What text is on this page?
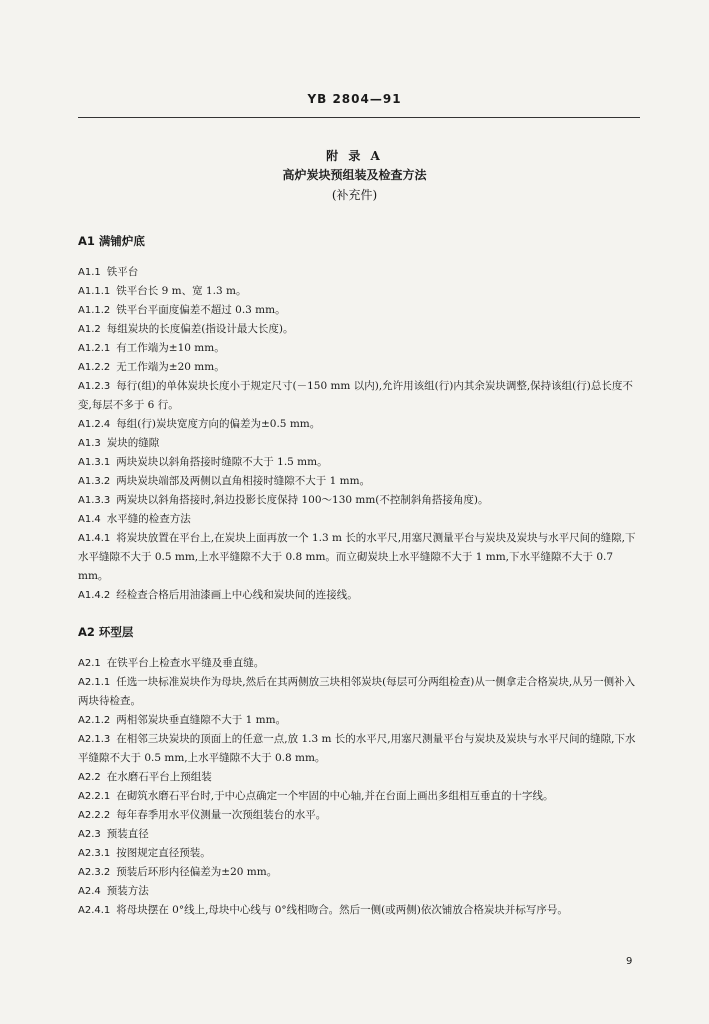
YB 2804—91
附 录 A
高炉炭块预组装及检查方法
(补充件)
A1 满铺炉底

A1.1 铁平台

A1.1.1 铁平台长 9 m、宽 1.3 m。

A1.1.2 铁平台平面度偏差不超过 0.3 mm。

A1.2 每组炭块的长度偏差(指设计最大长度)。

A1.2.1 有工作端为±10 mm。

A1.2.2 无工作端为±20 mm。

A1.2.3 每行(组)的单体炭块长度小于规定尺寸(－150 mm 以内),允许用该组(行)内其余炭块调整,保持该组(行)总长度不变,每层不多于 6 行。

A1.2.4 每组(行)炭块宽度方向的偏差为±0.5 mm。

A1.3 炭块的缝隙

A1.3.1 两块炭块以斜角搭接时缝隙不大于 1.5 mm。

A1.3.2 两块炭块端部及两侧以直角相接时缝隙不大于 1 mm。

A1.3.3 两炭块以斜角搭接时,斜边投影长度保持 100～130 mm(不控制斜角搭接角度)。

A1.4 水平缝的检查方法

A1.4.1 将炭块放置在平台上,在炭块上面再放一个 1.3 m 长的水平尺,用塞尺测量平台与炭块及炭块与水平尺间的缝隙,下水平缝隙不大于 0.5 mm,上水平缝隙不大于 0.8 mm。而立砌炭块上水平缝隙不大于 1 mm,下水平缝隙不大于 0.7 mm。

A1.4.2 经检查合格后用油漆画上中心线和炭块间的连接线。

A2 环型层

A2.1 在铁平台上检查水平缝及垂直缝。

A2.1.1 任选一块标准炭块作为母块,然后在其两侧放三块相邻炭块(每层可分两组检查)从一侧拿走合格炭块,从另一侧补入两块待检查。

A2.1.2 两相邻炭块垂直缝隙不大于 1 mm。

A2.1.3 在相邻三块炭块的顶面上的任意一点,放 1.3 m 长的水平尺,用塞尺测量平台与炭块及炭块与水平尺间的缝隙,下水平缝隙不大于 0.5 mm,上水平缝隙不大于 0.8 mm。

A2.2 在水磨石平台上预组装

A2.2.1 在砌筑水磨石平台时,于中心点确定一个牢固的中心轴,并在台面上画出多组相互垂直的十字线。

A2.2.2 每年春季用水平仪测量一次预组装台的水平。

A2.3 预装直径

A2.3.1 按图规定直径预装。

A2.3.2 预装后环形内径偏差为±20 mm。

A2.4 预装方法

A2.4.1 将母块摆在 0°线上,母块中心线与 0°线相吻合。然后一侧(或两侧)依次铺放合格炭块并标写序号。

9
